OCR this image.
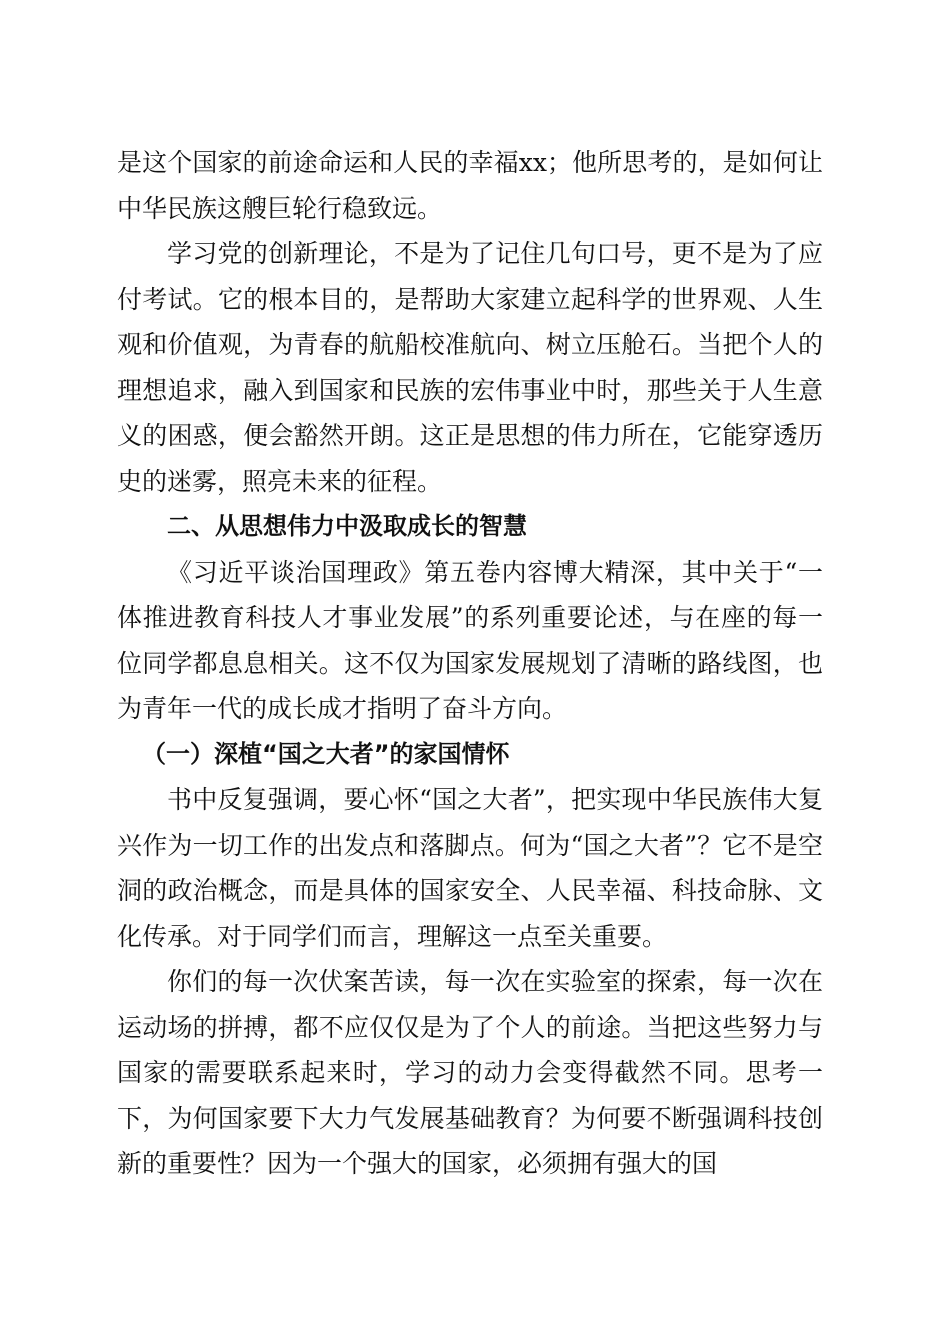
是这个国家的前途命运和人民的幸福xx；他所思考的，是如何让中华民族这艘巨轮行稳致远。

学习党的创新理论，不是为了记住几句口号，更不是为了应付考试。它的根本目的，是帮助大家建立起科学的世界观、人生观和价值观，为青春的航船校准航向、树立压舱石。当把个人的理想追求，融入到国家和民族的宏伟事业中时，那些关于人生意义的困惑，便会豁然开朗。这正是思想的伟力所在，它能穿透历史的迷雾，照亮未来的征程。

二、从思想伟力中汲取成长的智慧

《习近平谈治国理政》第五卷内容博大精深，其中关于“一体推进教育科技人才事业发展”的系列重要论述，与在座的每一位同学都息息相关。这不仅为国家发展规划了清晰的路线图，也为青年一代的成长成才指明了奋斗方向。

（一）深植“国之大者”的家国情怀

书中反复强调，要心怀“国之大者”，把实现中华民族伟大复兴作为一切工作的出发点和落脚点。何为“国之大者”？它不是空洞的政治概念，而是具体的国家安全、人民幸福、科技命脉、文化传承。对于同学们而言，理解这一点至关重要。

你们的每一次伏案苦读，每一次在实验室的探索，每一次在运动场的拼搏，都不应仅仅是为了个人的前途。当把这些努力与国家的需要联系起来时，学习的动力会变得截然不同。思考一下，为何国家要下大力气发展基础教育？为何要不断强调科技创新的重要性？因为一个强大的国家，必须拥有强大的国
